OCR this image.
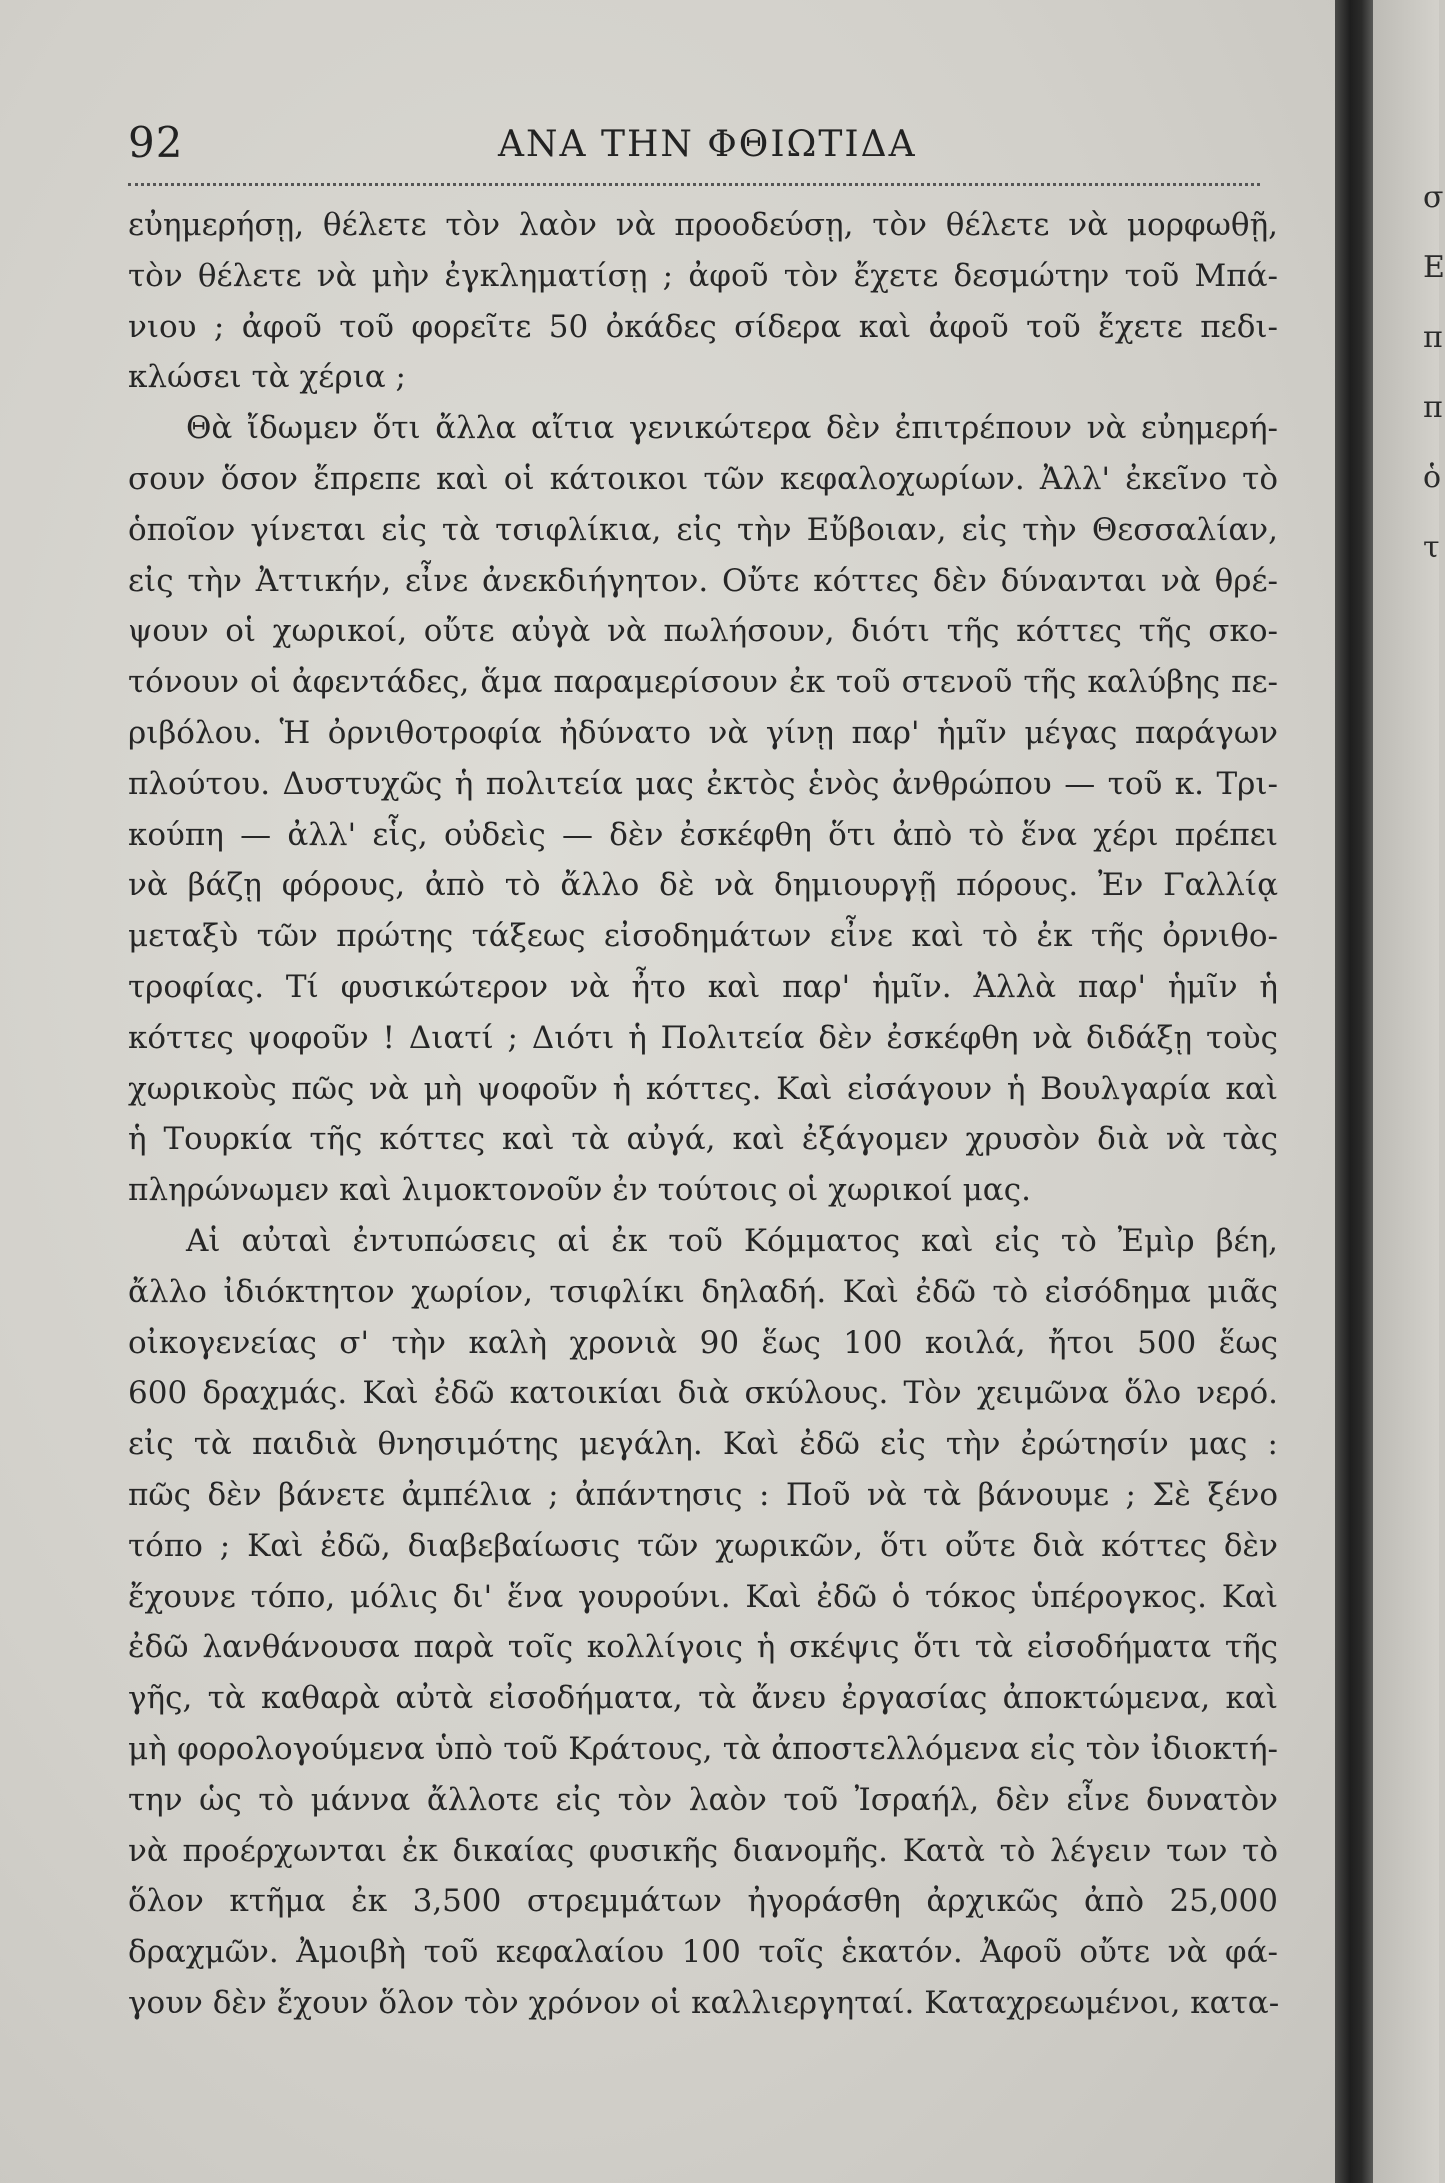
92	ΑΝΑ ΤΗΝ ΦΘΙΩΤΙΔΑ
εὐημερήσῃ, θέλετε τὸν λαὸν νὰ προοδεύσῃ, τὸν θέλετε νὰ μορφωθῇ,
τὸν θέλετε νὰ μὴν ἐγκληματίσῃ ; ἀφοῦ τὸν ἔχετε δεσμώτην τοῦ Μπά-
νιου ; ἀφοῦ τοῦ φορεῖτε 50 ὀκάδες σίδερα καὶ ἀφοῦ τοῦ ἔχετε πεδι-
κλώσει τὰ χέρια ;
Θὰ ἴδωμεν ὅτι ἄλλα αἴτια γενικώτερα δὲν ἐπιτρέπουν νὰ εὐημερή-
σουν ὅσον ἔπρεπε καὶ οἱ κάτοικοι τῶν κεφαλοχωρίων. Ἀλλ' ἐκεῖνο τὸ
ὁποῖον γίνεται εἰς τὰ τσιφλίκια, εἰς τὴν Εὔβοιαν, εἰς τὴν Θεσσαλίαν,
εἰς τὴν Ἀττικήν, εἶνε ἀνεκδιήγητον. Οὔτε κόττες δὲν δύνανται νὰ θρέ-
ψουν οἱ χωρικοί, οὔτε αὐγὰ νὰ πωλήσουν, διότι τῆς κόττες τῆς σκο-
τόνουν οἱ ἀφεντάδες, ἅμα παραμερίσουν ἐκ τοῦ στενοῦ τῆς καλύβης πε-
ριβόλου. Ἡ ὀρνιθοτροφία ἠδύνατο νὰ γίνῃ παρ' ἡμῖν μέγας παράγων
πλούτου. Δυστυχῶς ἡ πολιτεία μας ἐκτὸς ἑνὸς ἀνθρώπου — τοῦ κ. Τρι-
κούπη — ἀλλ' εἷς, οὐδεὶς — δὲν ἐσκέφθη ὅτι ἀπὸ τὸ ἕνα χέρι πρέπει
νὰ βάζῃ φόρους, ἀπὸ τὸ ἄλλο δὲ νὰ δημιουργῇ πόρους. Ἐν Γαλλίᾳ
μεταξὺ τῶν πρώτης τάξεως εἰσοδημάτων εἶνε καὶ τὸ ἐκ τῆς ὀρνιθο-
τροφίας. Τί φυσικώτερον νὰ ἦτο καὶ παρ' ἡμῖν. Ἀλλὰ παρ' ἡμῖν ἡ
κόττες ψοφοῦν ! Διατί ; Διότι ἡ Πολιτεία δὲν ἐσκέφθη νὰ διδάξῃ τοὺς
χωρικοὺς πῶς νὰ μὴ ψοφοῦν ἡ κόττες. Καὶ εἰσάγουν ἡ Βουλγαρία καὶ
ἡ Τουρκία τῆς κόττες καὶ τὰ αὐγά, καὶ ἐξάγομεν χρυσὸν διὰ νὰ τὰς
πληρώνωμεν καὶ λιμοκτονοῦν ἐν τούτοις οἱ χωρικοί μας.
Αἱ αὐταὶ ἐντυπώσεις αἱ ἐκ τοῦ Κόμματος καὶ εἰς τὸ Ἐμὶρ βέη,
ἄλλο ἰδιόκτητον χωρίον, τσιφλίκι δηλαδή. Καὶ ἐδῶ τὸ εἰσόδημα μιᾶς
οἰκογενείας σ' τὴν καλὴ χρονιὰ 90 ἕως 100 κοιλά, ἤτοι 500 ἕως
600 δραχμάς. Καὶ ἐδῶ κατοικίαι διὰ σκύλους. Τὸν χειμῶνα ὅλο νερό.
εἰς τὰ παιδιὰ θνησιμότης μεγάλη. Καὶ ἐδῶ εἰς τὴν ἐρώτησίν μας :
πῶς δὲν βάνετε ἀμπέλια ; ἀπάντησις : Ποῦ νὰ τὰ βάνουμε ; Σὲ ξένο
τόπο ; Καὶ ἐδῶ, διαβεβαίωσις τῶν χωρικῶν, ὅτι οὔτε διὰ κόττες δὲν
ἔχουνε τόπο, μόλις δι' ἕνα γουρούνι. Καὶ ἐδῶ ὁ τόκος ὑπέρογκος. Καὶ
ἐδῶ λανθάνουσα παρὰ τοῖς κολλίγοις ἡ σκέψις ὅτι τὰ εἰσοδήματα τῆς
γῆς, τὰ καθαρὰ αὐτὰ εἰσοδήματα, τὰ ἄνευ ἐργασίας ἀποκτώμενα, καὶ
μὴ φορολογούμενα ὑπὸ τοῦ Κράτους, τὰ ἀποστελλόμενα εἰς τὸν ἰδιοκτή-
την ὡς τὸ μάννα ἄλλοτε εἰς τὸν λαὸν τοῦ Ἰσραήλ, δὲν εἶνε δυνατὸν
νὰ προέρχωνται ἐκ δικαίας φυσικῆς διανομῆς. Κατὰ τὸ λέγειν των τὸ
ὅλον κτῆμα ἐκ 3,500 στρεμμάτων ἠγοράσθη ἀρχικῶς ἀπὸ 25,000
δραχμῶν. Ἀμοιβὴ τοῦ κεφαλαίου 100 τοῖς ἑκατόν. Ἀφοῦ οὔτε νὰ φά-
γουν δὲν ἔχουν ὅλον τὸν χρόνον οἱ καλλιεργηταί. Καταχρεωμένοι, κατα-
σ
Ε
π
π
ὁ
τ
